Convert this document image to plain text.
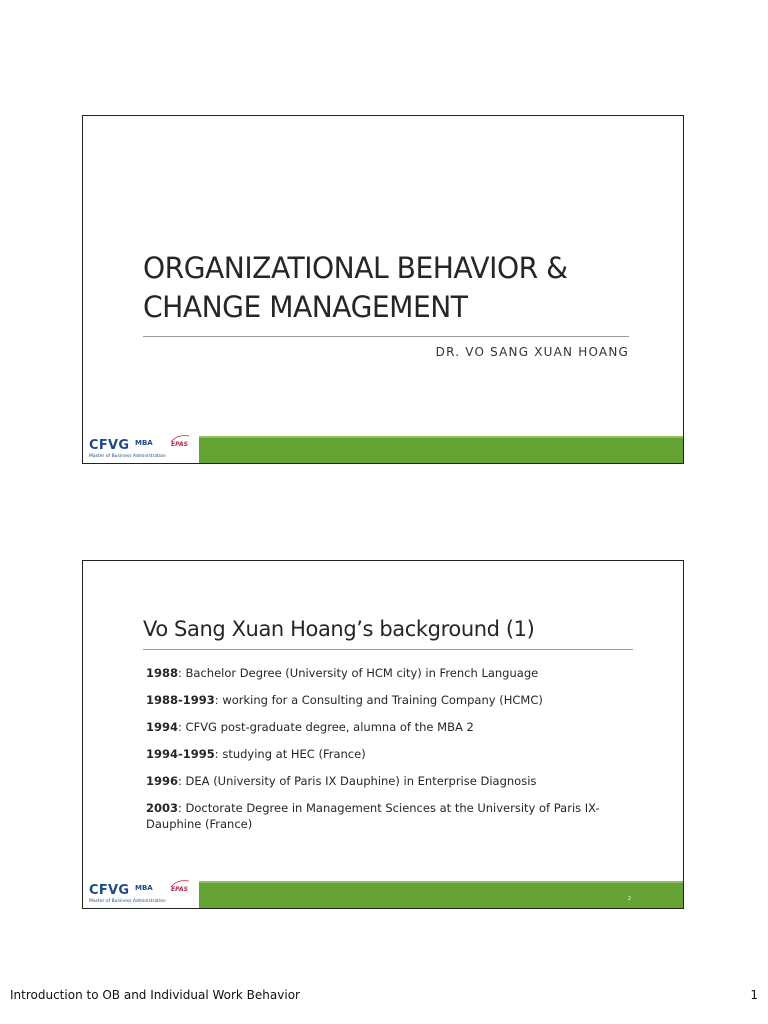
ORGANIZATIONAL BEHAVIOR &
CHANGE MANAGEMENT
DR. VO SANG XUAN HOANG
CFVG MBA
Master of Business Administration
EPAS
Vo Sang Xuan Hoang’s background (1)
1988: Bachelor Degree (University of HCM city) in French Language
1988-1993: working for a Consulting and Training Company (HCMC)
1994: CFVG post-graduate degree, alumna of the MBA 2
1994-1995: studying at HEC (France)
1996: DEA (University of Paris IX Dauphine) in Enterprise Diagnosis
2003: Doctorate Degree in Management Sciences at the University of Paris IX-Dauphine (France)
CFVG MBA
Master of Business Administration
EPAS
2
Introduction to OB and Individual Work Behavior	1
